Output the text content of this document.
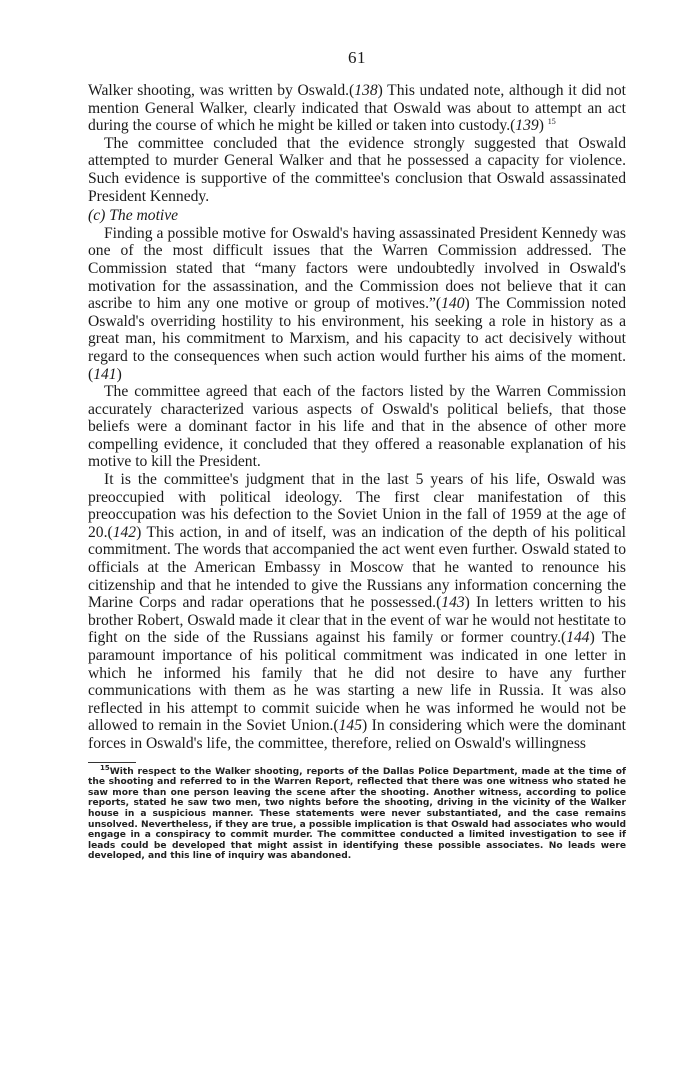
61

Walker shooting, was written by Oswald.(138) This undated note, although it did not mention General Walker, clearly indicated that Oswald was about to attempt an act during the course of which he might be killed or taken into custody.(139) $^{15}$

The committee concluded that the evidence strongly suggested that Oswald attempted to murder General Walker and that he possessed a capacity for violence. Such evidence is supportive of the committee's conclusion that Oswald assassinated President Kennedy.

(c) The motive

Finding a possible motive for Oswald's having assassinated President Kennedy was one of the most difficult issues that the Warren Commission addressed. The Commission stated that “many factors were undoubtedly involved in Oswald's motivation for the assassination, and the Commission does not believe that it can ascribe to him any one motive or group of motives.”(140) The Commission noted Oswald's overriding hostility to his environment, his seeking a role in history as a great man, his commitment to Marxism, and his capacity to act decisively without regard to the consequences when such action would further his aims of the moment.(141)

The committee agreed that each of the factors listed by the Warren Commission accurately characterized various aspects of Oswald's political beliefs, that those beliefs were a dominant factor in his life and that in the absence of other more compelling evidence, it concluded that they offered a reasonable explanation of his motive to kill the President.

It is the committee's judgment that in the last 5 years of his life, Oswald was preoccupied with political ideology. The first clear manifestation of this preoccupation was his defection to the Soviet Union in the fall of 1959 at the age of 20.(142) This action, in and of itself, was an indication of the depth of his political commitment. The words that accompanied the act went even further. Oswald stated to officials at the American Embassy in Moscow that he wanted to renounce his citizenship and that he intended to give the Russians any information concerning the Marine Corps and radar operations that he possessed.(143) In letters written to his brother Robert, Oswald made it clear that in the event of war he would not hestitate to fight on the side of the Russians against his family or former country.(144) The paramount importance of his political commitment was indicated in one letter in which he informed his family that he did not desire to have any further communications with them as he was starting a new life in Russia. It was also reflected in his attempt to commit suicide when he was informed he would not be allowed to remain in the Soviet Union.(145) In considering which were the dominant forces in Oswald's life, the committee, therefore, relied on Oswald's willingness

$^{15}$With respect to the Walker shooting, reports of the Dallas Police Department, made at the time of the shooting and referred to in the Warren Report, reflected that there was one witness who stated he saw more than one person leaving the scene after the shooting. Another witness, according to police reports, stated he saw two men, two nights before the shooting, driving in the vicinity of the Walker house in a suspicious manner. These statements were never substantiated, and the case remains unsolved. Nevertheless, if they are true, a possible implication is that Oswald had associates who would engage in a conspiracy to commit murder. The committee conducted a limited investigation to see if leads could be developed that might assist in identifying these possible associates. No leads were developed, and this line of inquiry was abandoned.
